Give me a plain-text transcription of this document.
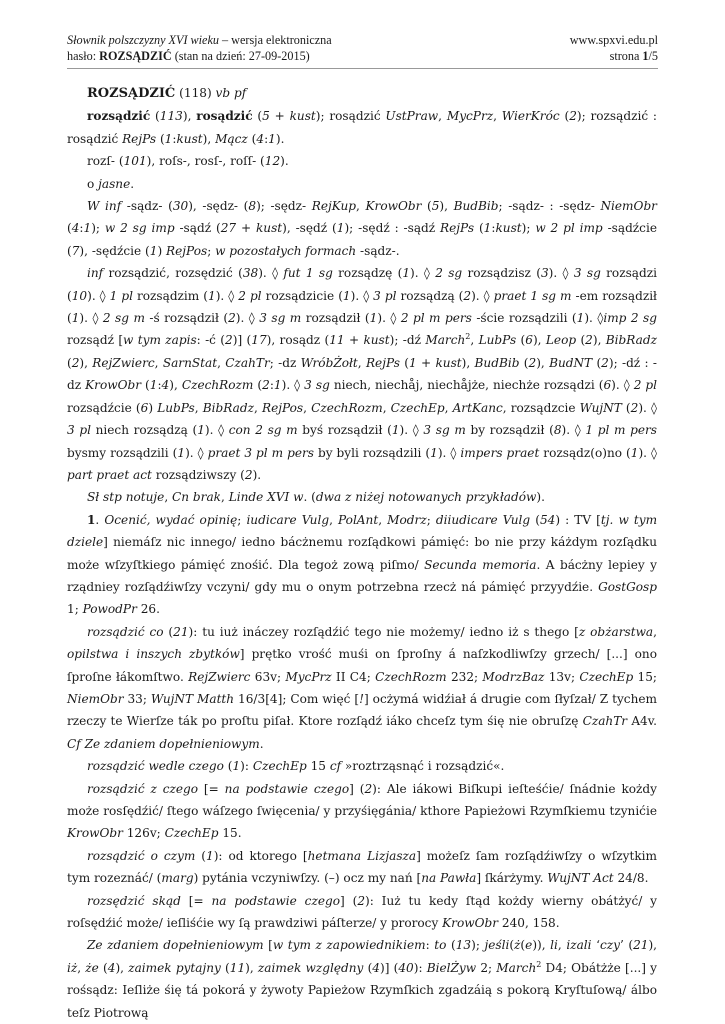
Słownik polszczyzny XVI wieku – wersja elektroniczna	www.spxvi.edu.pl
hasło: ROZSĄDZIĆ (stan na dzień: 27-09-2015)	strona 1/5

ROZSĄDZIĆ (118) vb pf

rozsądzić (113), rosądzić (5 + kust); rosądzić UstPraw, MycPrz, WierKróc (2); rozsądzić : rosądzić RejPs (1:kust), Mącz (4:1).

rozſ- (101), roſs-, rosſ-, roſſ- (12).

o jasne.

W inf -sądz- (30), -sędz- (8); -sędz- RejKup, KrowObr (5), BudBib; -sądz- : -sędz- NiemObr (4:1); w 2 sg imp -sądź (27 + kust), -sędź (1); -sędź : -sądź RejPs (1:kust); w 2 pl imp -sądźcie (7), -sędźcie (1) RejPos; w pozostałych formach -sądz-.

inf rozsądzić, rozsędzić (38). ◊ fut 1 sg rozsądzę (1). ◊ 2 sg rozsądzisz (3). ◊ 3 sg rozsądzi (10). ◊ 1 pl rozsądzim (1). ◊ 2 pl rozsądzicie (1). ◊ 3 pl rozsądzą (2). ◊ praet 1 sg m -em rozsądził (1). ◊ 2 sg m -ś rozsądził (2). ◊ 3 sg m rozsądził (1). ◊ 2 pl m pers -ście rozsądzili (1). ◊imp 2 sg rozsądź [w tym zapis: -ć (2)] (17), rosądz (11 + kust); -dź March$^2$, LubPs (6), Leop (2), BibRadz (2), RejZwierc, SarnStat, CzahTr; -dz WróbŻołt, RejPs (1 + kust), BudBib (2), BudNT (2); -dź : -dz KrowObr (1:4), CzechRozm (2:1). ◊ 3 sg niech, niechåj, niechåjże, niechże rozsądzi (6). ◊ 2 pl rozsądźcie (6) LubPs, BibRadz, RejPos, CzechRozm, CzechEp, ArtKanc, rozsądzcie WujNT (2). ◊ 3 pl niech rozsądzą (1). ◊ con 2 sg m byś rozsądził (1). ◊ 3 sg m by rozsądził (8). ◊ 1 pl m pers bysmy rozsądzili (1). ◊ praet 3 pl m pers by byli rozsądzili (1). ◊ impers praet rozsądz(o)no (1). ◊ part praet act rozsądziwszy (2).

Sł stp notuje, Cn brak, Linde XVI w. (dwa z niżej notowanych przykładów).

1. Ocenić, wydać opinię; iudicare Vulg, PolAnt, Modrz; diiudicare Vulg (54) : TV [tj. w tym dziele] niemáſz nic innego/ iedno bácżnemu rozſądkowi pámięć: bo nie przy káżdym rozſądku może wſzyſtkiego pámięć znośić. Dla tegoż zową piſmo/ Secunda memoria. A bácżny lepiey y rządniey rozſądźiwſzy vczyni/ gdy mu o onym potrzebna rzecż ná pámięć przyydźie. GostGosp 1; PowodPr 26.

rozsądzić co (21): tu iuż ináczey rozſądźić tego nie możemy/ iedno iż s thego [z obżarstwa, opilstwa i inszych zbytków] prętko vrość muśi on ſproſny á naſzkodliwſzy grzech/ [...] ono ſproſne łákomſtwo. RejZwierc 63v; MycPrz II C4; CzechRozm 232; ModrzBaz 13v; CzechEp 15; NiemObr 33; WujNT Matth 16/3[4]; Com więć [!] ocżymá widźiał á drugie com ſłyſzał/ Z tychem rzeczy te Wierſze ták po proſtu piſał. Ktore rozſądź iáko chceſz tym śię nie obruſzę CzahTr A4v. Cf Ze zdaniem dopełnieniowym.

rozsądzić wedle czego (1): CzechEp 15 cf »roztrząsnąć i rozsądzić«.

rozsądzić z czego [= na podstawie czego] (2): Ale iákowi Biſkupi ieſteśćie/ ſnádnie kożdy może rosſędźić/ ſtego wáſzego ſwięcenia/ y przyśięgánia/ kthore Papieżowi Rzymſkiemu tzynićie KrowObr 126v; CzechEp 15.

rozsądzić o czym (1): od ktorego [hetmana Lizjasza] możeſz ſam rozſądźiwſzy o wſzytkim tym rozeznáć/ (marg) pytánia vczyniwſzy. (–) ocz my nań [na Pawła] ſkárżymy. WujNT Act 24/8.

rozsędzić skąd [= na podstawie czego] (2): Iuż tu kedy ſtąd kożdy wierny obátżyć/ y roſsędźić może/ ieſliśćie wy ſą prawdziwi páſterze/ y prorocy KrowObr 240, 158.

Ze zdaniem dopełnieniowym [w tym z zapowiednikiem: to (13); jeśli(ż(e)), li, izali ‘czy’ (21), iż, że (4), zaimek pytajny (11), zaimek względny (4)] (40): BielŻyw 2; March$^2$ D4; Obátżże [...] y rośsądz: Ieſliże śię tá pokorá y żywoty Papieżow Rzymſkich zgadzáią s pokorą Kryſtuſową/ álbo teſz Piotrową
